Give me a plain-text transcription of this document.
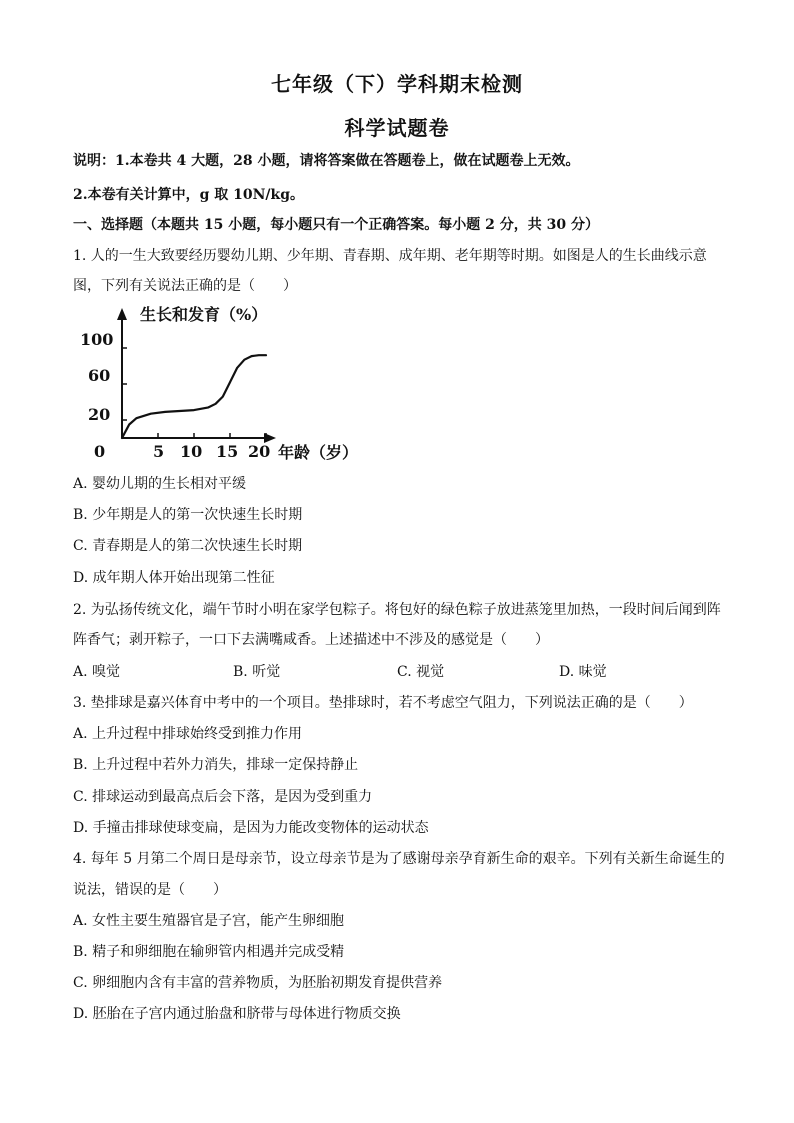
七年级（下）学科期末检测
科学试题卷
说明：1.本卷共 4 大题，28 小题，请将答案做在答题卷上，做在试题卷上无效。
2.本卷有关计算中，g 取 10N/kg。
一、选择题（本题共 15 小题，每小题只有一个正确答案。每小题 2 分，共 30 分）
1. 人的一生大致要经历婴幼儿期、少年期、青春期、成年期、老年期等时期。如图是人的生长曲线示意
图，下列有关说法正确的是（　　）
生长和发育（%）
年龄（岁）
0
100
60
20
5 10 15 20
A. 婴幼儿期的生长相对平缓
B. 少年期是人的第一次快速生长时期
C. 青春期是人的第二次快速生长时期
D. 成年期人体开始出现第二性征
2. 为弘扬传统文化，端午节时小明在家学包粽子。将包好的绿色粽子放进蒸笼里加热，一段时间后闻到阵
阵香气；剥开粽子，一口下去满嘴咸香。上述描述中不涉及的感觉是（　　）
A. 嗅觉	B. 听觉	C. 视觉	D. 味觉
3. 垫排球是嘉兴体育中考中的一个项目。垫排球时，若不考虑空气阻力，下列说法正确的是（　　）
A. 上升过程中排球始终受到推力作用
B. 上升过程中若外力消失，排球一定保持静止
C. 排球运动到最高点后会下落，是因为受到重力
D. 手撞击排球使球变扁，是因为力能改变物体的运动状态
4. 每年 5 月第二个周日是母亲节，设立母亲节是为了感谢母亲孕育新生命的艰辛。下列有关新生命诞生的
说法，错误的是（　　）
A. 女性主要生殖器官是子宫，能产生卵细胞
B. 精子和卵细胞在输卵管内相遇并完成受精
C. 卵细胞内含有丰富的营养物质，为胚胎初期发育提供营养
D. 胚胎在子宫内通过胎盘和脐带与母体进行物质交换
